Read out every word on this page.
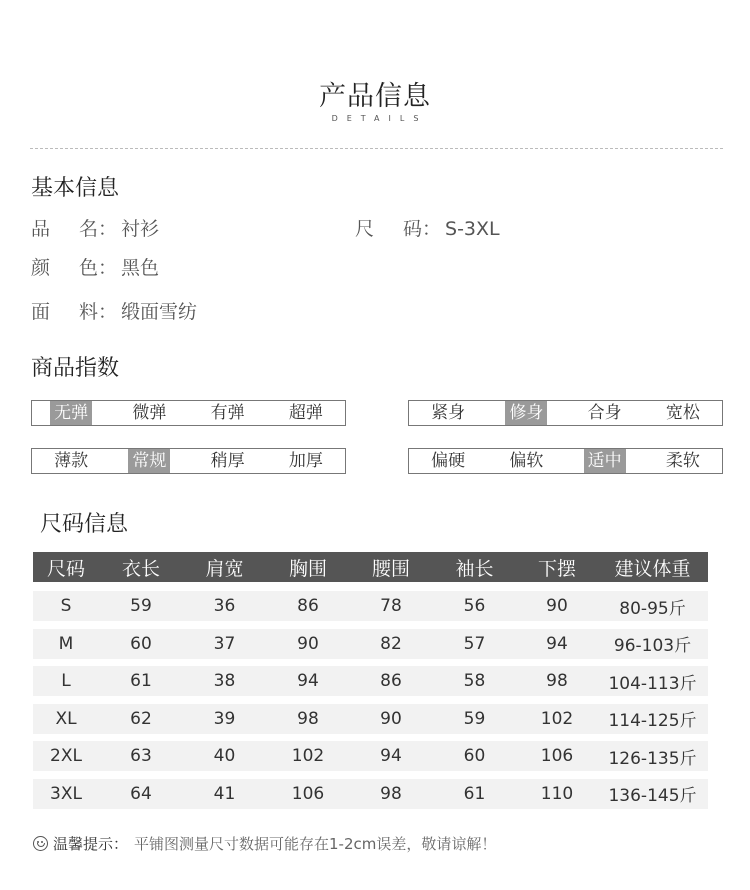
产品信息
DETAILS
基本信息
品 名： 衬衫	尺 码： S-3XL
颜 色： 黑色
面 料： 缎面雪纺
商品指数
无弹	微弹	有弹	超弹	紧身	修身	合身	宽松
薄款	常规	稍厚	加厚	偏硬	偏软	适中	柔软
尺码信息
尺码	衣长	肩宽	胸围	腰围	袖长	下摆	建议体重
S	59	36	86	78	56	90	80-95斤
M	60	37	90	82	57	94	96-103斤
L	61	38	94	86	58	98	104-113斤
XL	62	39	98	90	59	102	114-125斤
2XL	63	40	102	94	60	106	126-135斤
3XL	64	41	106	98	61	110	136-145斤
温馨提示： 平铺图测量尺寸数据可能存在1-2cm误差，敬请谅解！
